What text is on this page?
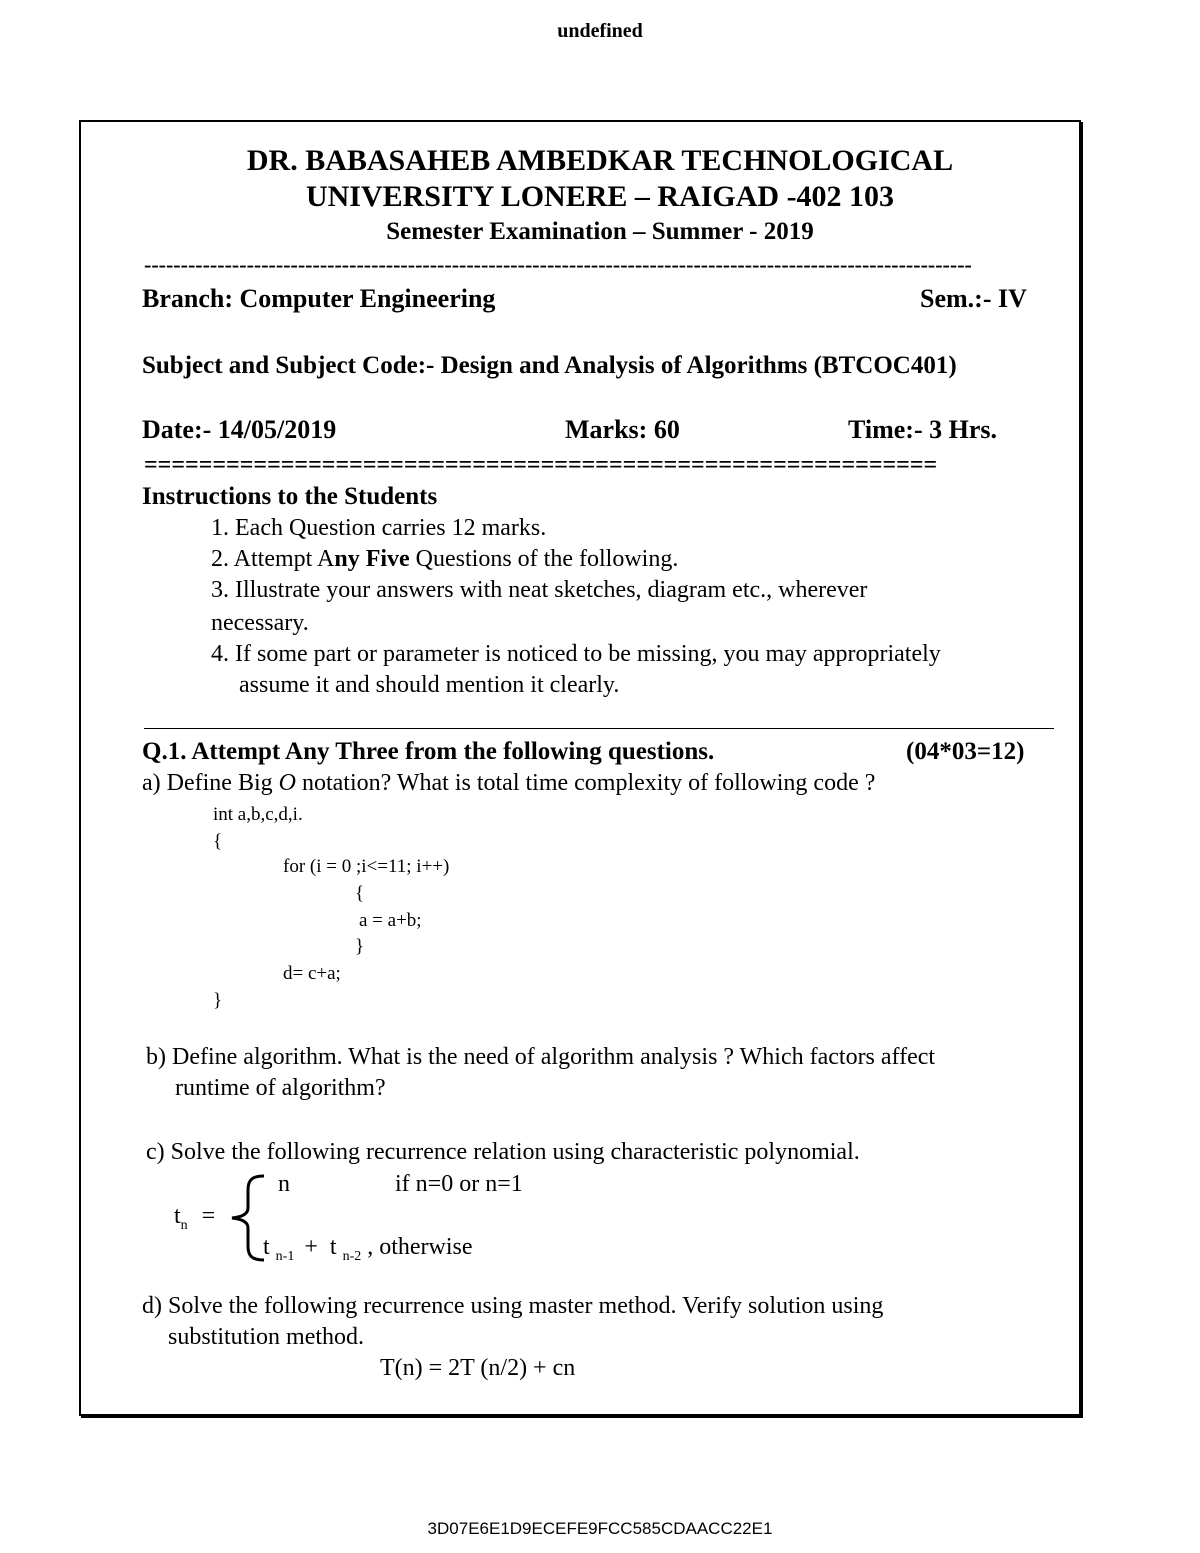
undefined
DR. BABASAHEB AMBEDKAR TECHNOLOGICAL
UNIVERSITY LONERE – RAIGAD -402 103
Semester Examination – Summer - 2019
-----------------------------------------------------------------------------------------------------------------
Branch: Computer Engineering	Sem.:- IV
Subject and Subject Code:- Design and Analysis of Algorithms (BTCOC401)
Date:- 14/05/2019	Marks: 60	Time:- 3 Hrs.
==========================================================
Instructions to the Students
1. Each Question carries 12 marks.
2. Attempt Any Five Questions of the following.
3. Illustrate your answers with neat sketches, diagram etc., wherever
necessary.
4. If some part or parameter is noticed to be missing, you may appropriately
assume it and should mention it clearly.
Q.1. Attempt Any Three from the following questions.	(04*03=12)
a) Define Big O notation? What is total time complexity of following code ?
int a,b,c,d,i.
{
for (i = 0 ;i<=11; i++)
{
a = a+b;
}
d= c+a;
}
b) Define algorithm. What is the need of algorithm analysis ? Which factors affect
runtime of algorithm?
c) Solve the following recurrence relation using characteristic polynomial.
$t_n$ =
n	if n=0 or n=1
t $_{n-1}$ + t $_{n-2}$ , otherwise
d) Solve the following recurrence using master method. Verify solution using
substitution method.
T(n) = 2T (n/2) + cn
3D07E6E1D9ECEFE9FCC585CDAACC22E1
